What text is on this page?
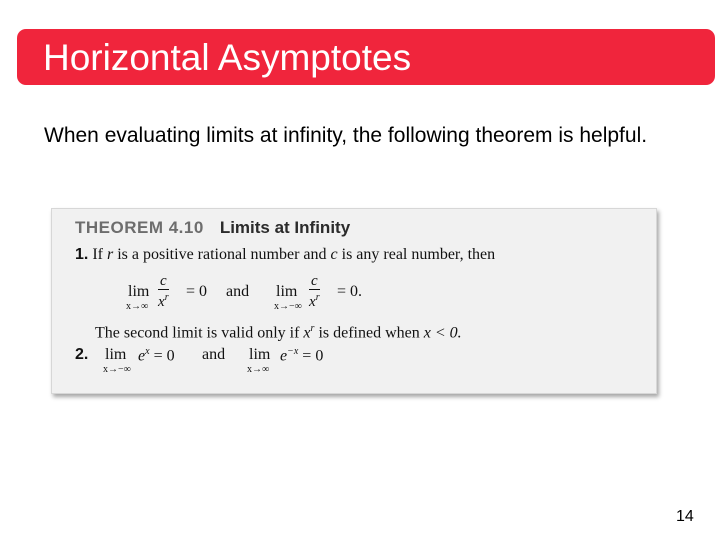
Horizontal Asymptotes
When evaluating limits at infinity, the following theorem is helpful.
THEOREM 4.10 Limits at Infinity
1. If r is a positive rational number and c is any real number, then
lim
$x\to\infty \frac{c}{x^r} = 0$ and lim
$x\to-\infty \frac{c}{x^r} = 0$.
The second limit is valid only if $x^r$ is defined when x < 0.
2. lim
x→−∞
$e^x = 0$ and lim
x→∞
$e^{-x} = 0$
14
